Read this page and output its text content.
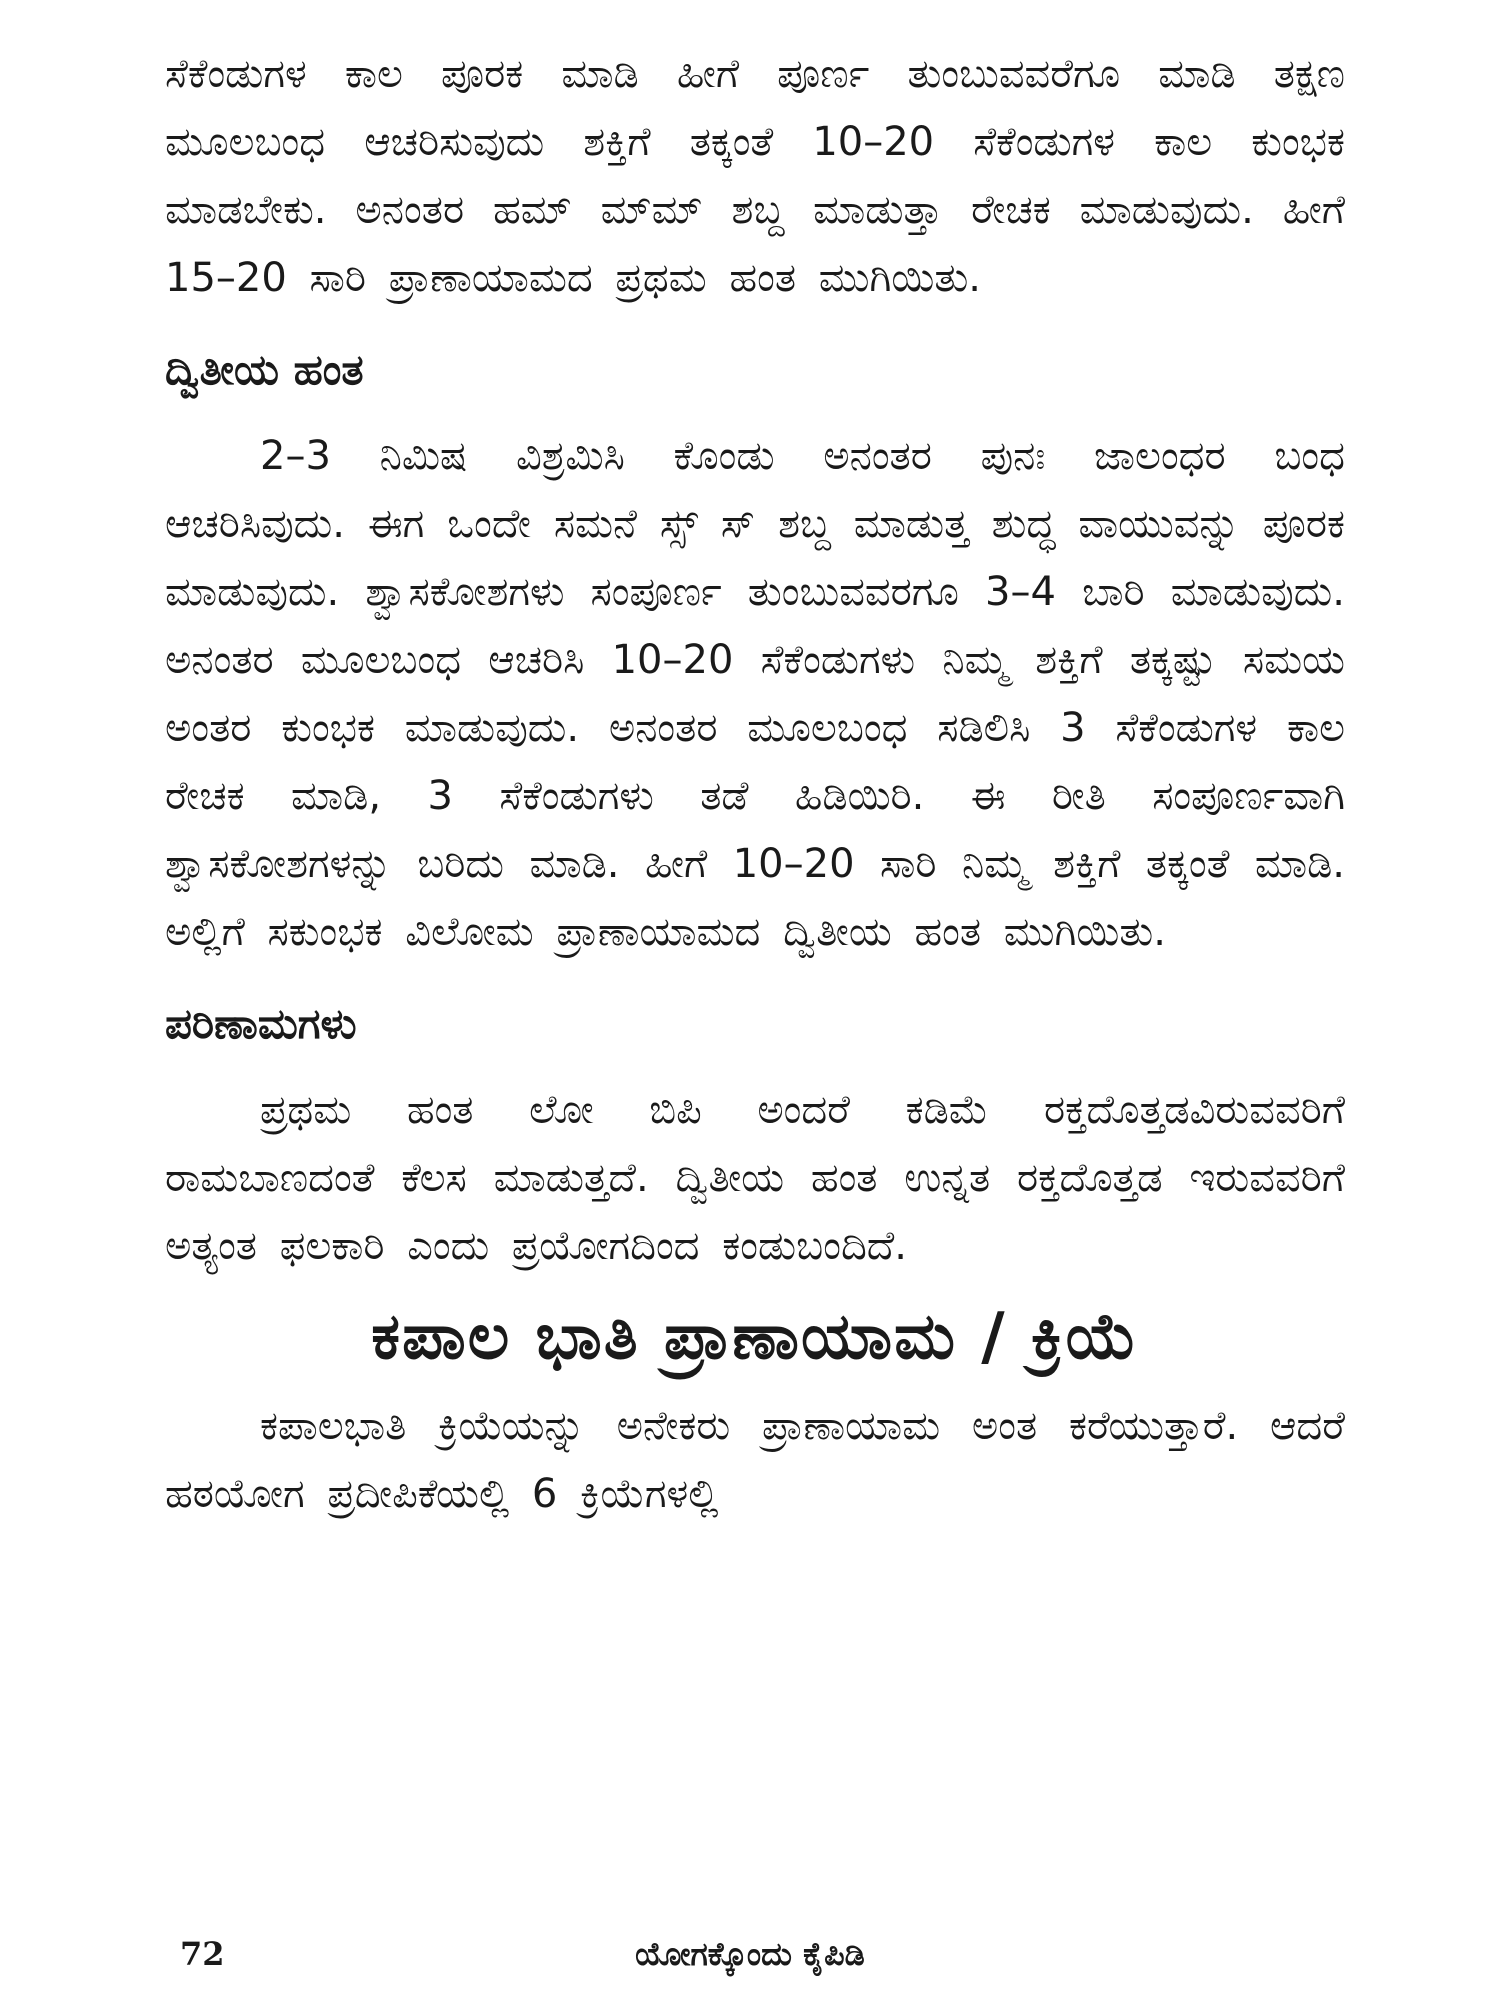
ಸೆಕೆಂಡುಗಳ ಕಾಲ ಪೂರಕ ಮಾಡಿ ಹೀಗೆ ಪೂರ್ಣ ತುಂಬುವವರೆಗೂ ಮಾಡಿ ತಕ್ಷಣ ಮೂಲಬಂಧ ಆಚರಿಸುವುದು ಶಕ್ತಿಗೆ ತಕ್ಕಂತೆ 10–20 ಸೆಕೆಂಡುಗಳ ಕಾಲ ಕುಂಭಕ ಮಾಡಬೇಕು. ಅನಂತರ ಹಮ್ ಮ್‌ಮ್ ಶಬ್ದ ಮಾಡುತ್ತಾ ರೇಚಕ ಮಾಡುವುದು. ಹೀಗೆ 15–20 ಸಾರಿ ಪ್ರಾಣಾಯಾಮದ ಪ್ರಥಮ ಹಂತ ಮುಗಿಯಿತು.

ದ್ವಿತೀಯ ಹಂತ

2–3 ನಿಮಿಷ ವಿಶ್ರಮಿಸಿ ಕೊಂಡು ಅನಂತರ ಪುನಃ ಜಾಲಂಧರ ಬಂಧ ಆಚರಿಸಿವುದು. ಈಗ ಒಂದೇ ಸಮನೆ ಸ್ಸ್ ಸ್ ಶಬ್ದ ಮಾಡುತ್ತ ಶುದ್ಧ ವಾಯುವನ್ನು ಪೂರಕ ಮಾಡುವುದು. ಶ್ವಾಸಕೋಶಗಳು ಸಂಪೂರ್ಣ ತುಂಬುವವರಗೂ 3–4 ಬಾರಿ ಮಾಡುವುದು. ಅನಂತರ ಮೂಲಬಂಧ ಆಚರಿಸಿ 10–20 ಸೆಕೆಂಡುಗಳು ನಿಮ್ಮ ಶಕ್ತಿಗೆ ತಕ್ಕಷ್ಟು ಸಮಯ ಅಂತರ ಕುಂಭಕ ಮಾಡುವುದು. ಅನಂತರ ಮೂಲಬಂಧ ಸಡಿಲಿಸಿ 3 ಸೆಕೆಂಡುಗಳ ಕಾಲ ರೇಚಕ ಮಾಡಿ, 3 ಸೆಕೆಂಡುಗಳು ತಡೆ ಹಿಡಿಯಿರಿ. ಈ ರೀತಿ ಸಂಪೂರ್ಣವಾಗಿ ಶ್ವಾಸಕೋಶಗಳನ್ನು ಬರಿದು ಮಾಡಿ. ಹೀಗೆ 10–20 ಸಾರಿ ನಿಮ್ಮ ಶಕ್ತಿಗೆ ತಕ್ಕಂತೆ ಮಾಡಿ. ಅಲ್ಲಿಗೆ ಸಕುಂಭಕ ವಿಲೋಮ ಪ್ರಾಣಾಯಾಮದ ದ್ವಿತೀಯ ಹಂತ ಮುಗಿಯಿತು.

ಪರಿಣಾಮಗಳು

ಪ್ರಥಮ ಹಂತ ಲೋ ಬಿಪಿ ಅಂದರೆ ಕಡಿಮೆ ರಕ್ತದೊತ್ತಡವಿರುವವರಿಗೆ ರಾಮಬಾಣದಂತೆ ಕೆಲಸ ಮಾಡುತ್ತದೆ. ದ್ವಿತೀಯ ಹಂತ ಉನ್ನತ ರಕ್ತದೊತ್ತಡ ಇರುವವರಿಗೆ ಅತ್ಯಂತ ಫಲಕಾರಿ ಎಂದು ಪ್ರಯೋಗದಿಂದ ಕಂಡುಬಂದಿದೆ.

ಕಪಾಲ ಭಾತಿ ಪ್ರಾಣಾಯಾಮ / ಕ್ರಿಯೆ

ಕಪಾಲಭಾತಿ ಕ್ರಿಯೆಯನ್ನು ಅನೇಕರು ಪ್ರಾಣಾಯಾಮ ಅಂತ ಕರೆಯುತ್ತಾರೆ. ಆದರೆ ಹಠಯೋಗ ಪ್ರದೀಪಿಕೆಯಲ್ಲಿ 6 ಕ್ರಿಯೆಗಳಲ್ಲಿ

72	ಯೋಗಕ್ಕೊಂದು ಕೈಪಿಡಿ
